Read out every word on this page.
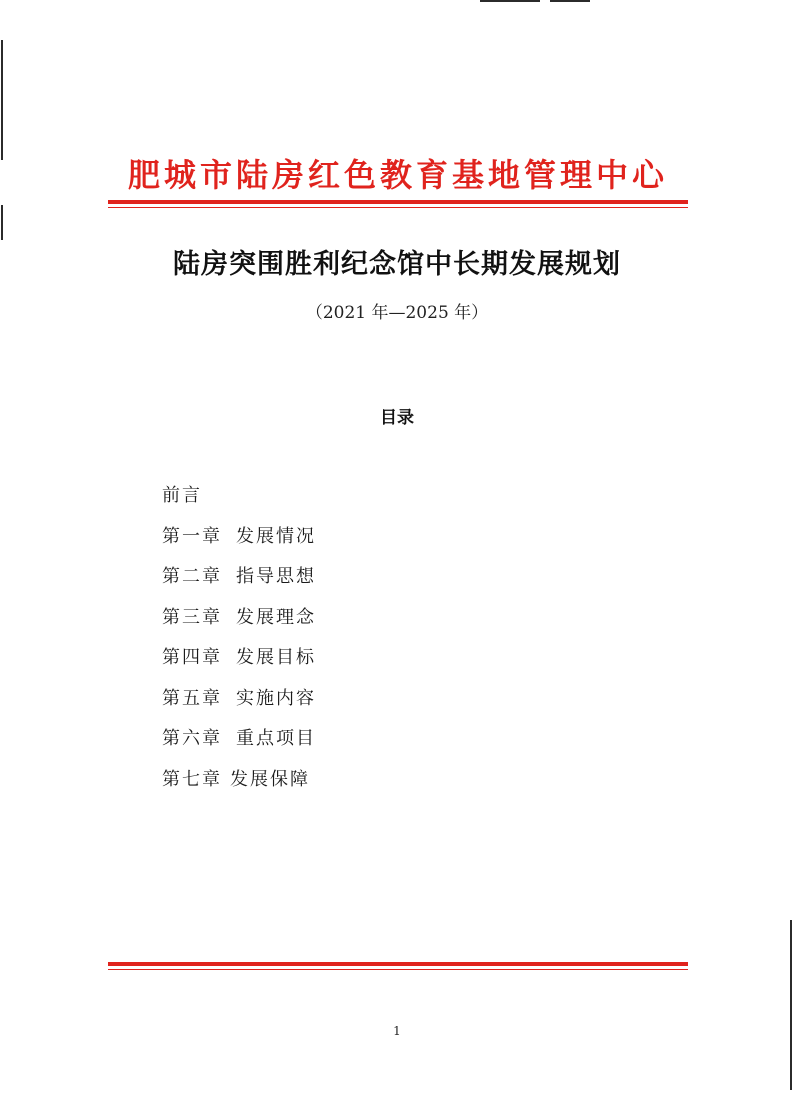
肥城市陆房红色教育基地管理中心
陆房突围胜利纪念馆中长期发展规划
（2021 年—2025 年）
目录
前言
第一章 发展情况
第二章 指导思想
第三章 发展理念
第四章 发展目标
第五章 实施内容
第六章 重点项目
第七章 发展保障
1
